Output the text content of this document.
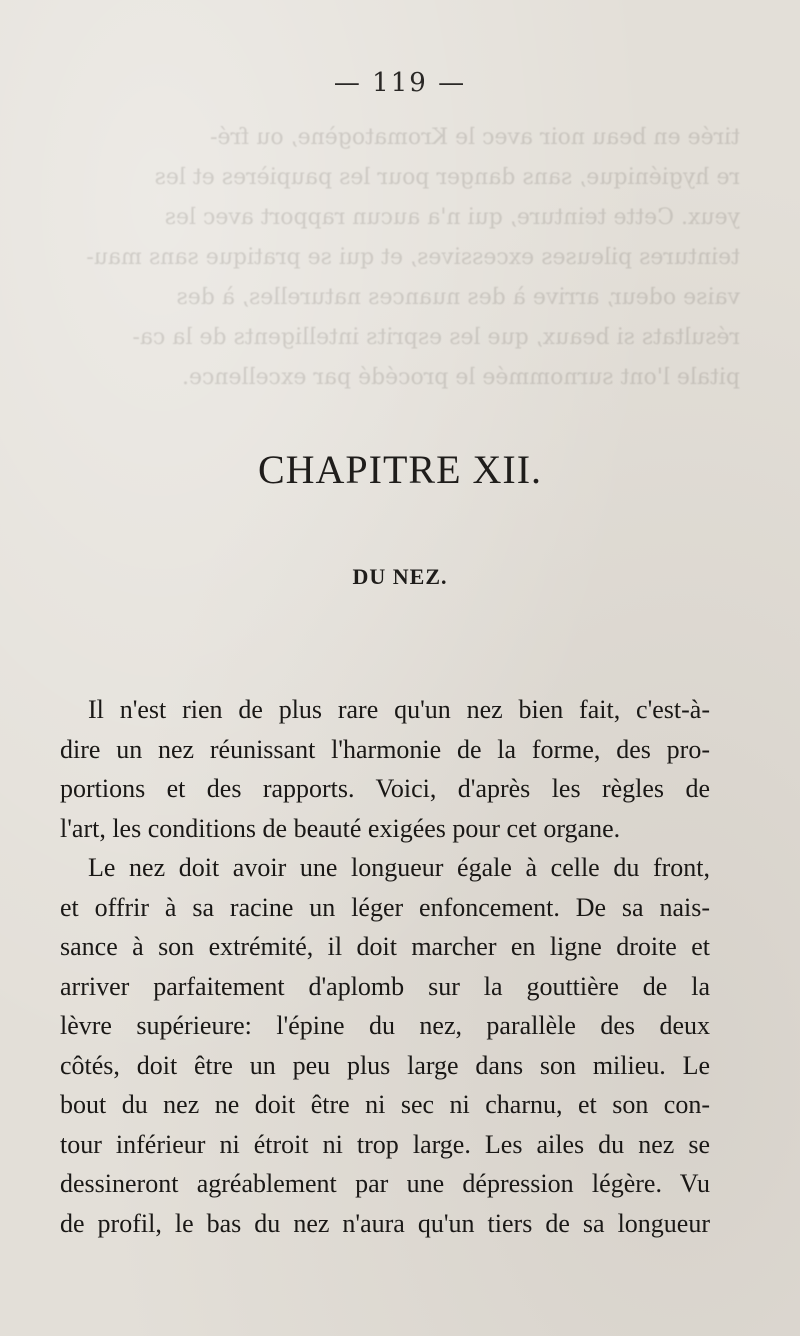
— 119 —
tirée en beau noir avec le Kromatogène, ou fré-
re hygiénique, sans danger pour les paupières et les
yeux. Cette teinture, qui n'a aucun rapport avec les
teintures pileuses excessives, et qui se pratique sans mau-
vaise odeur, arrive à des nuances naturelles, à des
résultats si beaux, que les esprits intelligents de la ca-
pitale l'ont surnommée le procédé par excellence.
CHAPITRE XII.
DU NEZ.
Il n'est rien de plus rare qu'un nez bien fait, c'est-à-
dire un nez réunissant l'harmonie de la forme, des pro-
portions et des rapports. Voici, d'après les règles de
l'art, les conditions de beauté exigées pour cet organe.
Le nez doit avoir une longueur égale à celle du front,
et offrir à sa racine un léger enfoncement. De sa nais-
sance à son extrémité, il doit marcher en ligne droite et
arriver parfaitement d'aplomb sur la gouttière de la
lèvre supérieure: l'épine du nez, parallèle des deux
côtés, doit être un peu plus large dans son milieu. Le
bout du nez ne doit être ni sec ni charnu, et son con-
tour inférieur ni étroit ni trop large. Les ailes du nez se
dessineront agréablement par une dépression légère. Vu
de profil, le bas du nez n'aura qu'un tiers de sa longueur
